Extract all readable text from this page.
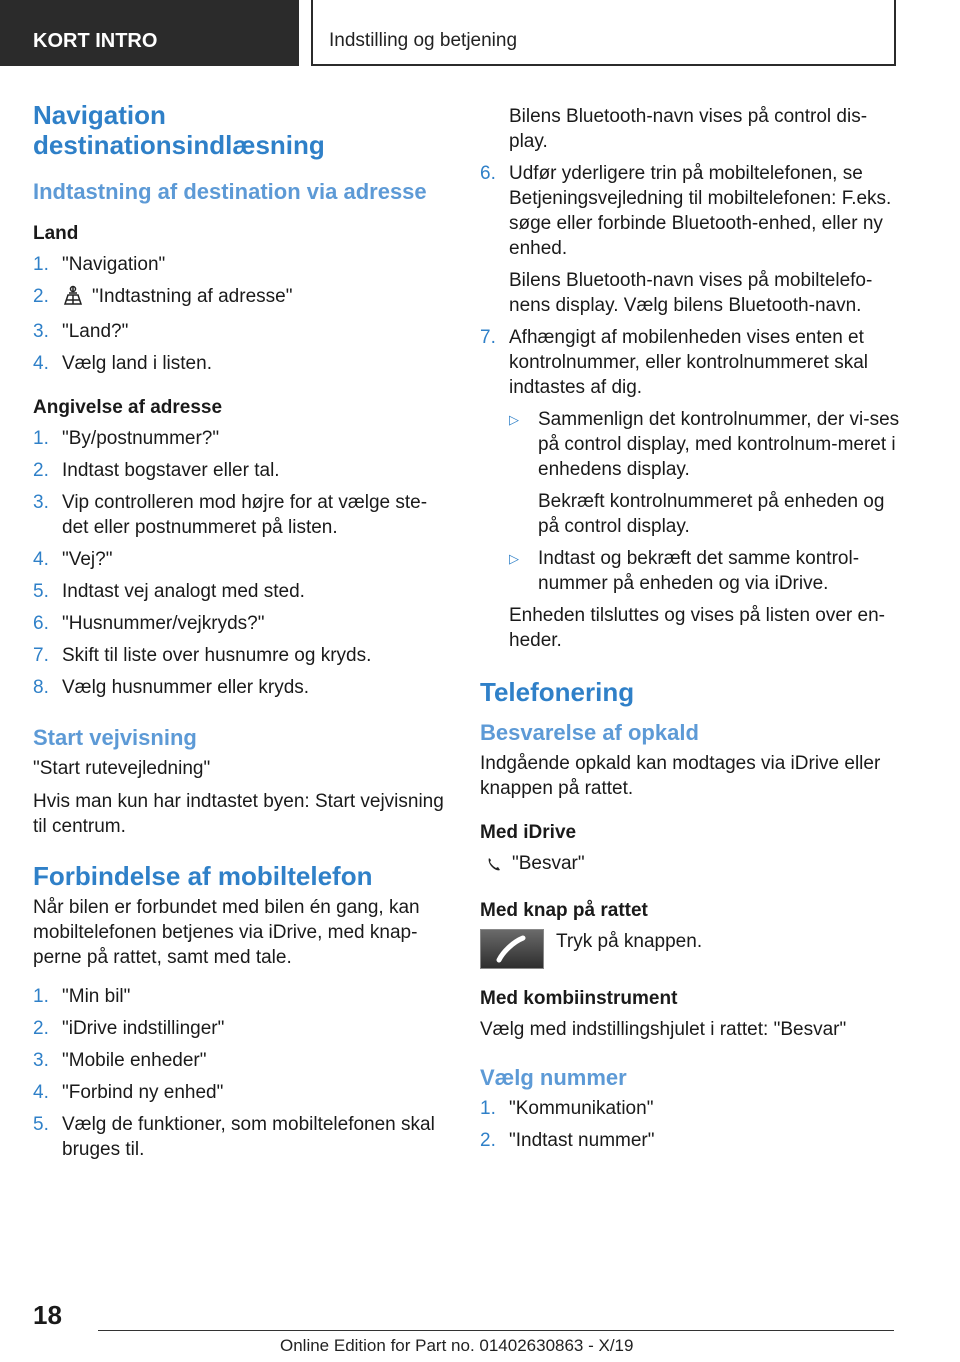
KORT INTRO	Indstilling og betjening
Navigation destinationsindlæsning
Indtastning af destination via adresse
Land
1. "Navigation"
2. "Indtastning af adresse"
3. "Land?"
4. Vælg land i listen.
Angivelse af adresse
1. "By/postnummer?"
2. Indtast bogstaver eller tal.
3. Vip controlleren mod højre for at vælge ste-det eller postnummeret på listen.
4. "Vej?"
5. Indtast vej analogt med sted.
6. "Husnummer/vejkryds?"
7. Skift til liste over husnumre og kryds.
8. Vælg husnummer eller kryds.
Start vejvisning

"Start rutevejledning"

Hvis man kun har indtastet byen: Start vejvisning til centrum.

Forbindelse af mobiltelefon

Når bilen er forbundet med bilen én gang, kan mobiltelefonen betjenes via iDrive, med knap-perne på rattet, samt med tale.

1. "Min bil"
2. "iDrive indstillinger"
3. "Mobile enheder"
4. "Forbind ny enhed"
5. Vælg de funktioner, som mobiltelefonen skal bruges til.

Bilens Bluetooth-navn vises på control dis-play.

6. Udfør yderligere trin på mobiltelefonen, se Betjeningsvejledning til mobiltelefonen: F.eks. søge eller forbinde Bluetooth-enhed, eller ny enhed.

Bilens Bluetooth-navn vises på mobiltelefo-nens display. Vælg bilens Bluetooth-navn.

7. Afhængigt af mobilenheden vises enten et kontrolnummer, eller kontrolnummeret skal indtastes af dig.
▷ Sammenlign det kontrolnummer, der vi-ses på control display, med kontrolnum-meret i enhedens display.

Bekræft kontrolnummeret på enheden og på control display.

▷ Indtast og bekræft det samme kontrol-nummer på enheden og via iDrive.

Enheden tilsluttes og vises på listen over en-heder.

Telefonering
Besvarelse af opkald

Indgående opkald kan modtages via iDrive eller knappen på rattet.

Med iDrive

"Besvar"

Med knap på rattet

Tryk på knappen.

Med kombiinstrument

Vælg med indstillingshjulet i rattet: "Besvar"

Vælg nummer
1. "Kommunikation"
2. "Indtast nummer"
18
Online Edition for Part no. 01402630863 - X/19
